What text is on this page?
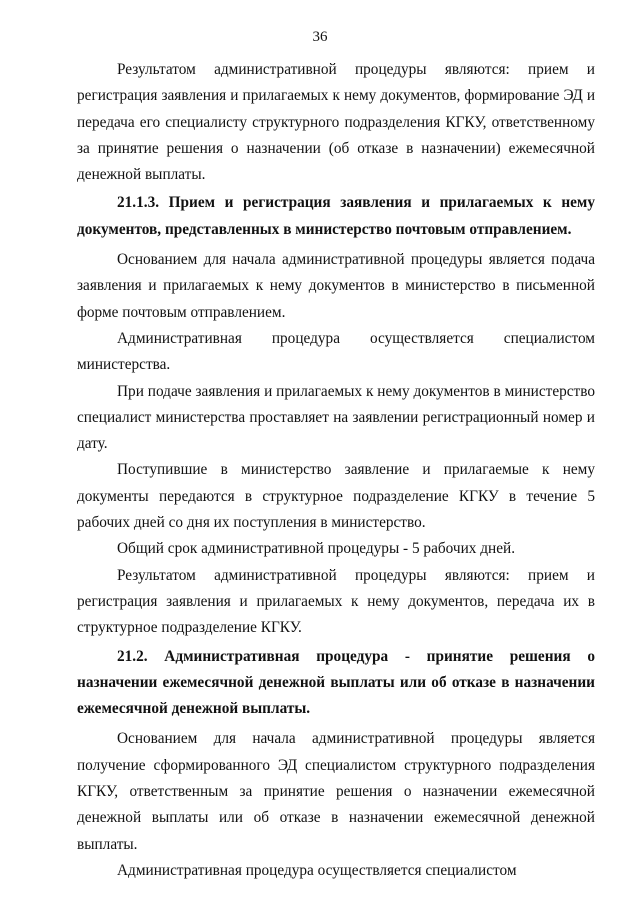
36

Результатом административной процедуры являются: прием и регистрация заявления и прилагаемых к нему документов, формирование ЭД и передача его специалисту структурного подразделения КГКУ, ответственному за принятие решения о назначении (об отказе в назначении) ежемесячной денежной выплаты.

21.1.3. Прием и регистрация заявления и прилагаемых к нему документов, представленных в министерство почтовым отправлением.

Основанием для начала административной процедуры является подача заявления и прилагаемых к нему документов в министерство в письменной форме почтовым отправлением.

Административная процедура осуществляется специалистом министерства.

При подаче заявления и прилагаемых к нему документов в министерство специалист министерства проставляет на заявлении регистрационный номер и дату.

Поступившие в министерство заявление и прилагаемые к нему документы передаются в структурное подразделение КГКУ в течение 5 рабочих дней со дня их поступления в министерство.

Общий срок административной процедуры - 5 рабочих дней.

Результатом административной процедуры являются: прием и регистрация заявления и прилагаемых к нему документов, передача их в структурное подразделение КГКУ.

21.2. Административная процедура - принятие решения о назначении ежемесячной денежной выплаты или об отказе в назначении ежемесячной денежной выплаты.

Основанием для начала административной процедуры является получение сформированного ЭД специалистом структурного подразделения КГКУ, ответственным за принятие решения о назначении ежемесячной денежной выплаты или об отказе в назначении ежемесячной денежной выплаты.

Административная процедура осуществляется специалистом
